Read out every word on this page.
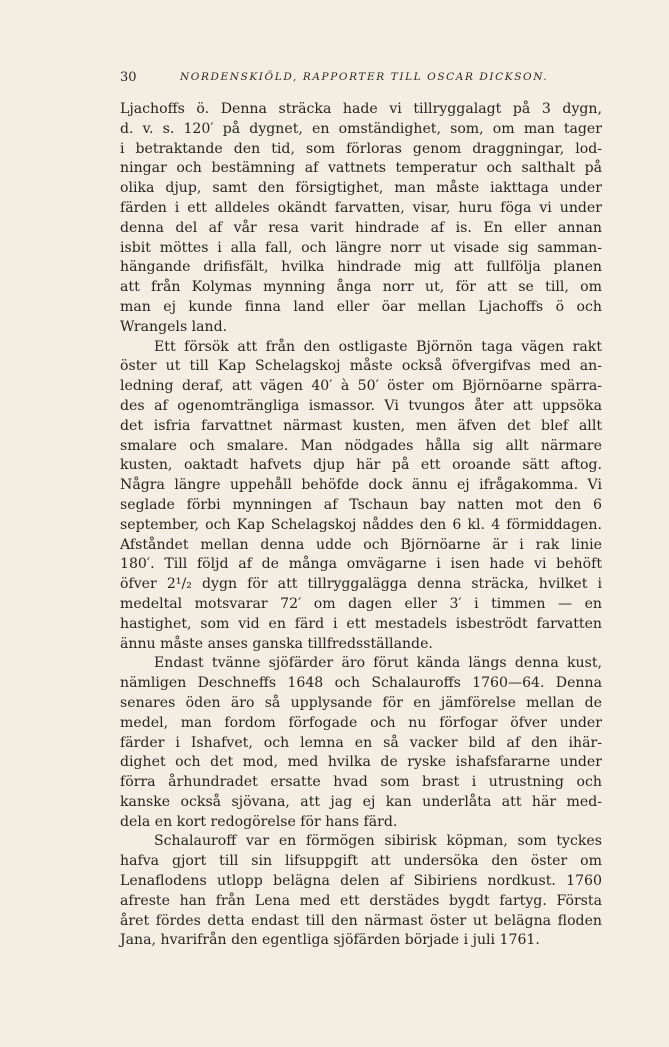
30	NORDENSKIÖLD, RAPPORTER TILL OSCAR DICKSON.
Ljachoffs ö. Denna sträcka hade vi tillryggalagt på 3 dygn,
d. v. s. 120′ på dygnet, en omständighet, som, om man tager
i betraktande den tid, som förloras genom draggningar, lod-
ningar och bestämning af vattnets temperatur och salthalt på
olika djup, samt den försigtighet, man måste iakttaga under
färden i ett alldeles okändt farvatten, visar, huru föga vi under
denna del af vår resa varit hindrade af is. En eller annan
isbit möttes i alla fall, och längre norr ut visade sig samman-
hängande drifisfält, hvilka hindrade mig att fullfölja planen
att från Kolymas mynning ånga norr ut, för att se till, om
man ej kunde finna land eller öar mellan Ljachoffs ö och
Wrangels land.
Ett försök att från den ostligaste Björnön taga vägen rakt
öster ut till Kap Schelagskoj måste också öfvergifvas med an-
ledning deraf, att vägen 40′ à 50′ öster om Björnöarne spärra-
des af ogenomträngliga ismassor. Vi tvungos åter att uppsöka
det isfria farvattnet närmast kusten, men äfven det blef allt
smalare och smalare. Man nödgades hålla sig allt närmare
kusten, oaktadt hafvets djup här på ett oroande sätt aftog.
Några längre uppehåll behöfde dock ännu ej ifrågakomma. Vi
seglade förbi mynningen af Tschaun bay natten mot den 6
september, och Kap Schelagskoj nåddes den 6 kl. 4 förmiddagen.
Afståndet mellan denna udde och Björnöarne är i rak linie
180′. Till följd af de många omvägarne i isen hade vi behöft
öfver 2¹/₂ dygn för att tillryggalägga denna sträcka, hvilket i
medeltal motsvarar 72′ om dagen eller 3′ i timmen — en
hastighet, som vid en färd i ett mestadels isbeströdt farvatten
ännu måste anses ganska tillfredsställande.
Endast tvänne sjöfärder äro förut kända längs denna kust,
nämligen Deschneffs 1648 och Schalauroffs 1760—64. Denna
senares öden äro så upplysande för en jämförelse mellan de
medel, man fordom förfogade och nu förfogar öfver under
färder i Ishafvet, och lemna en så vacker bild af den ihär-
dighet och det mod, med hvilka de ryske ishafsfararne under
förra århundradet ersatte hvad som brast i utrustning och
kanske också sjövana, att jag ej kan underlåta att här med-
dela en kort redogörelse för hans färd.
Schalauroff var en förmögen sibirisk köpman, som tyckes
hafva gjort till sin lifsuppgift att undersöka den öster om
Lenaflodens utlopp belägna delen af Sibiriens nordkust. 1760
afreste han från Lena med ett derstädes bygdt fartyg. Första
året fördes detta endast till den närmast öster ut belägna floden
Jana, hvarifrån den egentliga sjöfärden började i juli 1761.
